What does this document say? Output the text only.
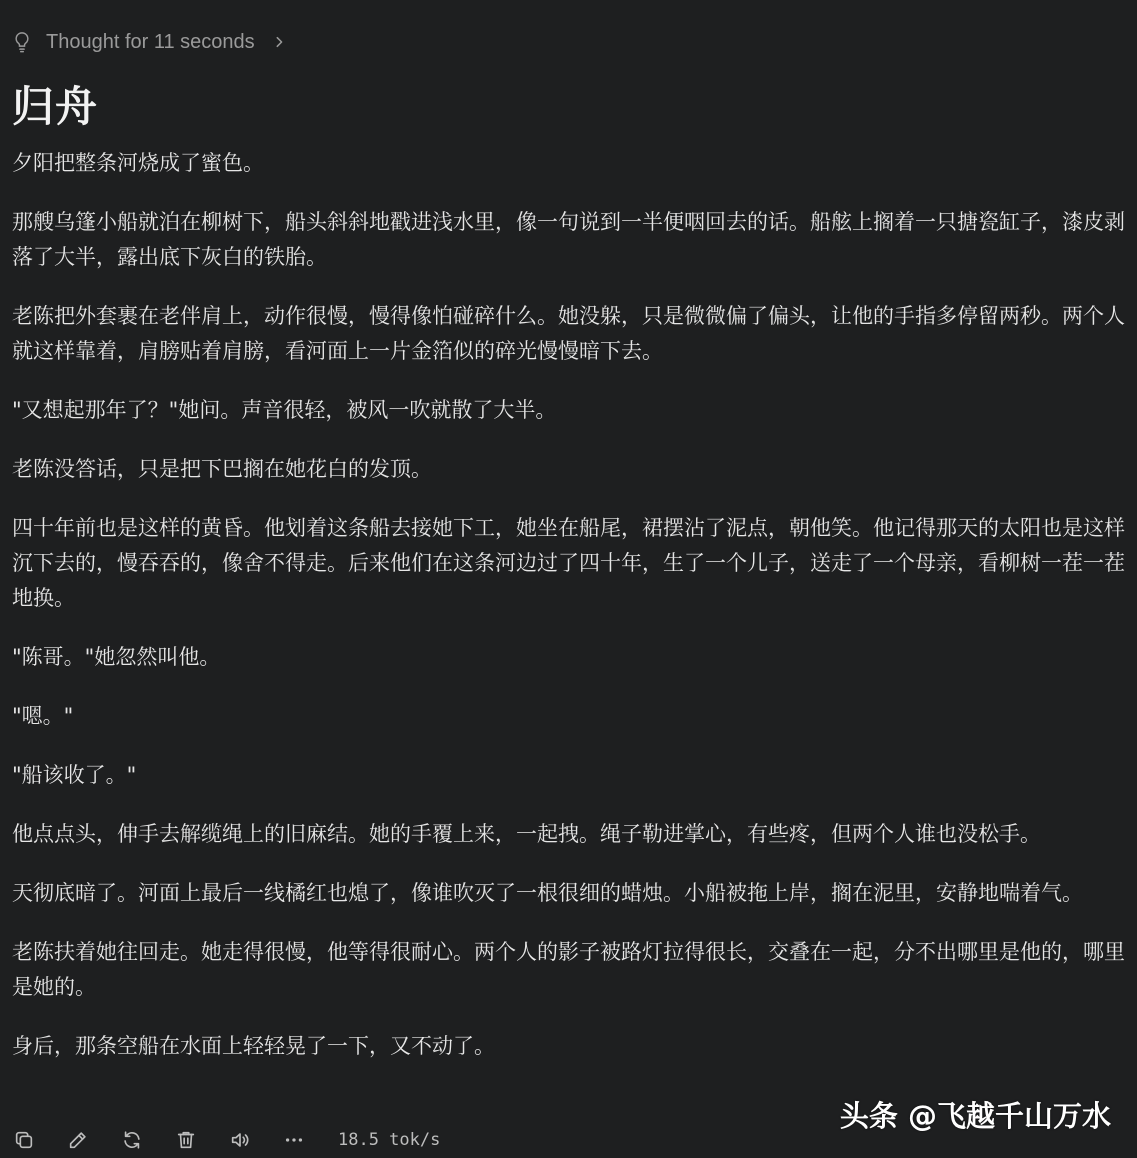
Thought for 11 seconds
归舟

夕阳把整条河烧成了蜜色。

那艘乌篷小船就泊在柳树下，船头斜斜地戳进浅水里，像一句说到一半便咽回去的话。船舷上搁着一只搪瓷缸子，漆皮剥落了大半，露出底下灰白的铁胎。

老陈把外套裹在老伴肩上，动作很慢，慢得像怕碰碎什么。她没躲，只是微微偏了偏头，让他的手指多停留两秒。两个人就这样靠着，肩膀贴着肩膀，看河面上一片金箔似的碎光慢慢暗下去。

"又想起那年了？"她问。声音很轻，被风一吹就散了大半。

老陈没答话，只是把下巴搁在她花白的发顶。

四十年前也是这样的黄昏。他划着这条船去接她下工，她坐在船尾，裙摆沾了泥点，朝他笑。他记得那天的太阳也是这样沉下去的，慢吞吞的，像舍不得走。后来他们在这条河边过了四十年，生了一个儿子，送走了一个母亲，看柳树一茬一茬地换。

"陈哥。"她忽然叫他。

"嗯。"

"船该收了。"

他点点头，伸手去解缆绳上的旧麻结。她的手覆上来，一起拽。绳子勒进掌心，有些疼，但两个人谁也没松手。

天彻底暗了。河面上最后一线橘红也熄了，像谁吹灭了一根很细的蜡烛。小船被拖上岸，搁在泥里，安静地喘着气。

老陈扶着她往回走。她走得很慢，他等得很耐心。两个人的影子被路灯拉得很长，交叠在一起，分不出哪里是他的，哪里是她的。

身后，那条空船在水面上轻轻晃了一下，又不动了。

18.5 tok/s
头条 @飞越千山万水
